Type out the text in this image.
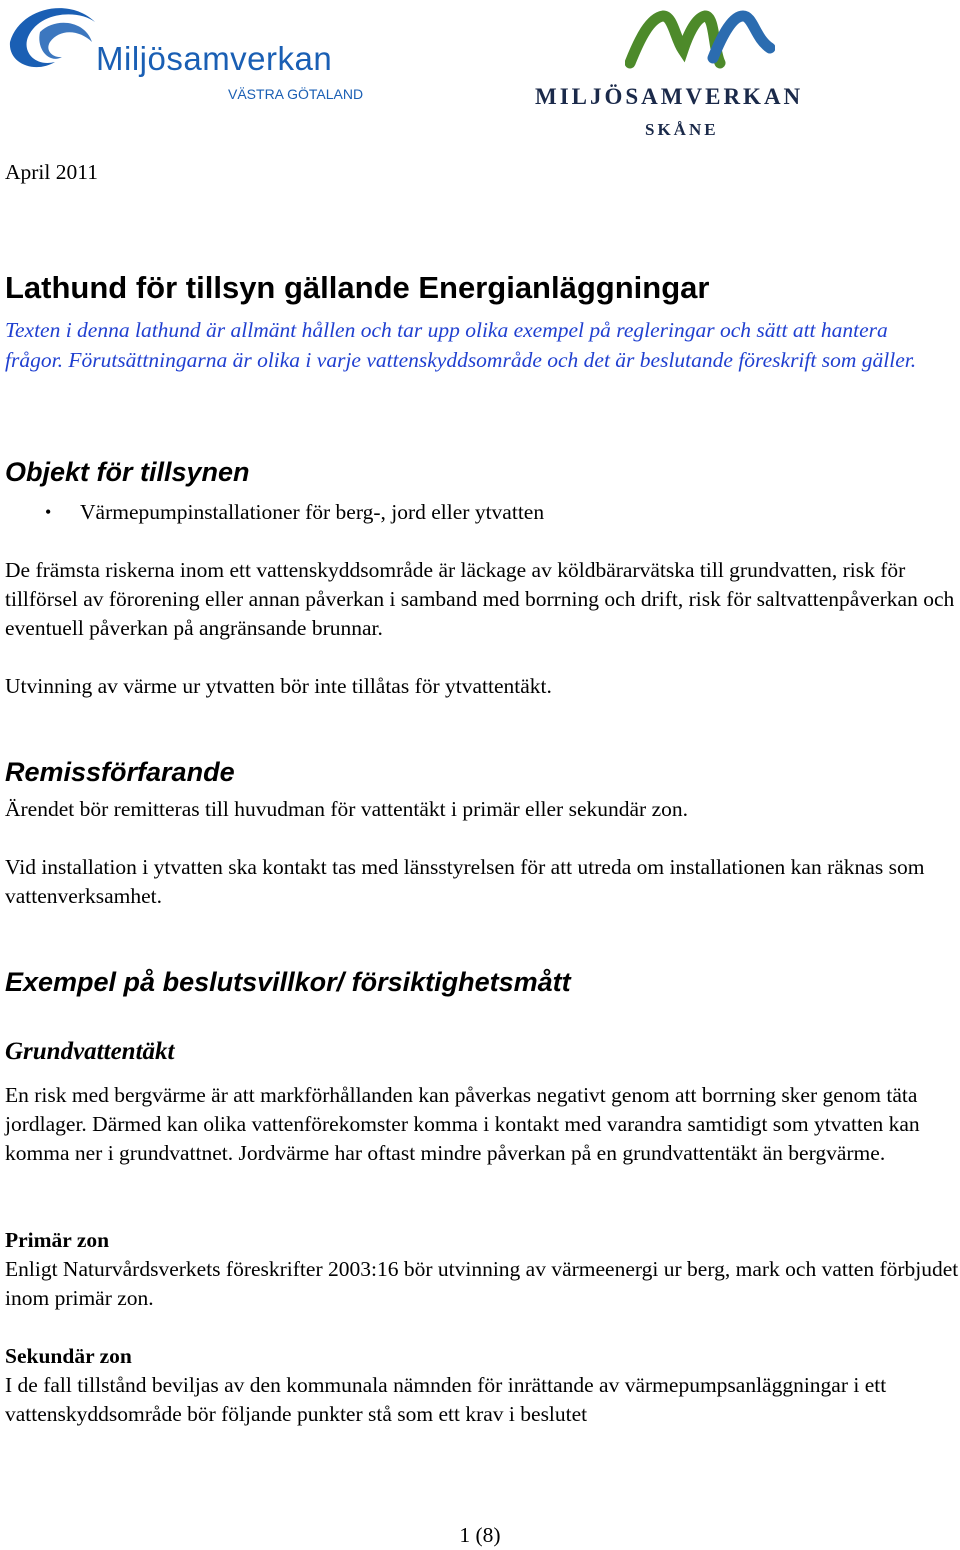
Miljösamverkan
VÄSTRA GÖTALAND	MILJÖSAMVERKAN
SKÅNE
April 2011
Lathund för tillsyn gällande Energianläggningar

Texten i denna lathund är allmänt hållen och tar upp olika exempel på regleringar och sätt att hantera frågor. Förutsättningarna är olika i varje vattenskyddsområde och det är beslutande föreskrift som gäller.

Objekt för tillsynen
• Värmepumpinstallationer för berg-, jord eller ytvatten

De främsta riskerna inom ett vattenskyddsområde är läckage av köldbärarvätska till grundvatten, risk för tillförsel av förorening eller annan påverkan i samband med borrning och drift, risk för saltvattenpåverkan och eventuell påverkan på angränsande brunnar.

Utvinning av värme ur ytvatten bör inte tillåtas för ytvattentäkt.

Remissförfarande

Ärendet bör remitteras till huvudman för vattentäkt i primär eller sekundär zon.

Vid installation i ytvatten ska kontakt tas med länsstyrelsen för att utreda om installationen kan räknas som vattenverksamhet.

Exempel på beslutsvillkor/ försiktighetsmått
Grundvattentäkt

En risk med bergvärme är att markförhållanden kan påverkas negativt genom att borrning sker genom täta jordlager. Därmed kan olika vattenförekomster komma i kontakt med varandra samtidigt som ytvatten kan komma ner i grundvattnet. Jordvärme har oftast mindre påverkan på en grundvattentäkt än bergvärme.

Primär zon

Enligt Naturvårdsverkets föreskrifter 2003:16 bör utvinning av värmeenergi ur berg, mark och vatten förbjudet inom primär zon.

Sekundär zon

I de fall tillstånd beviljas av den kommunala nämnden för inrättande av värmepumpsanläggningar i ett vattenskyddsområde bör följande punkter stå som ett krav i beslutet

1 (8)
